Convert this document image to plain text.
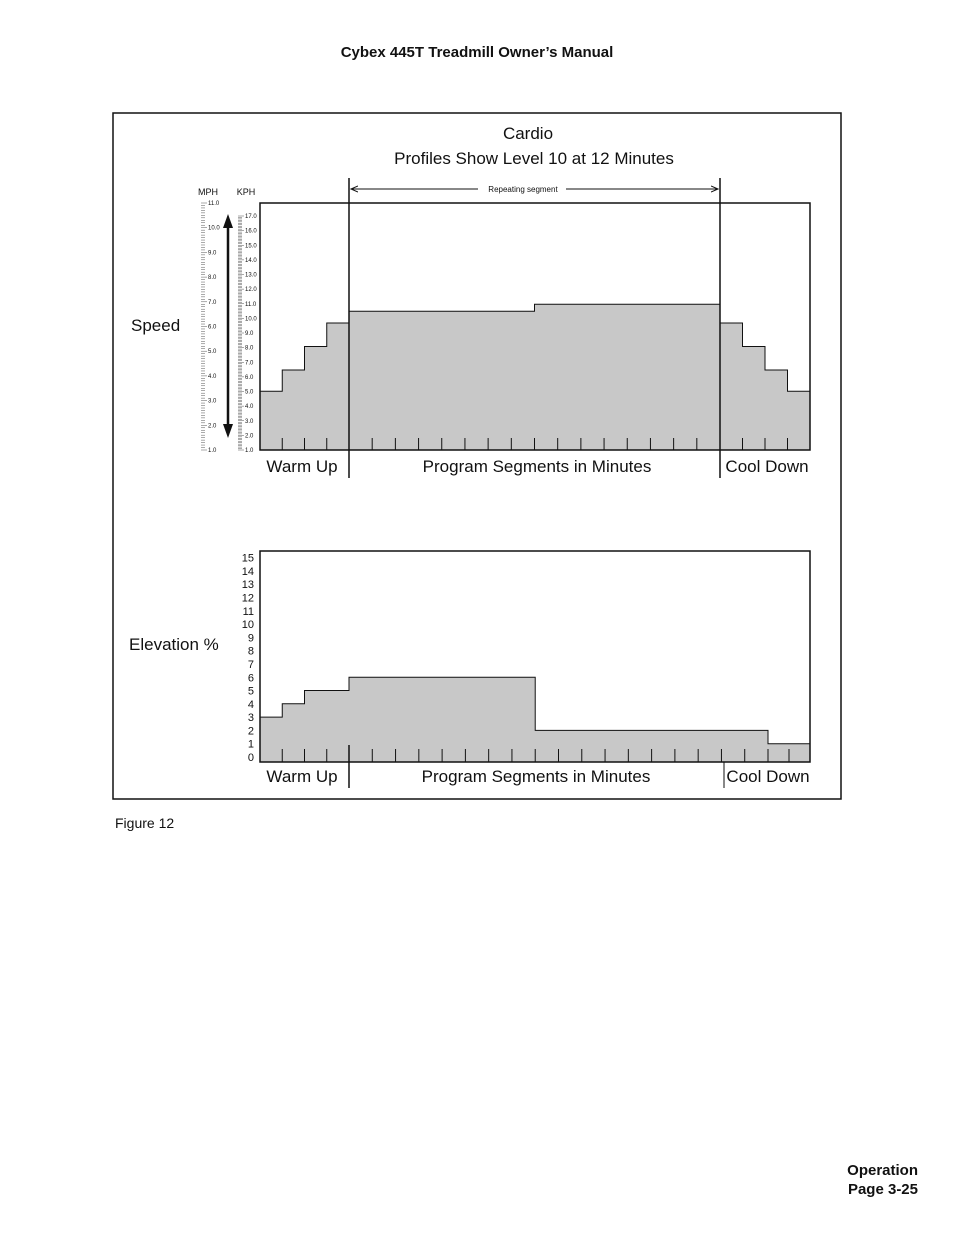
Cybex 445T Treadmill Owner’s Manual
Cardio
Profiles Show Level 10 at 12 Minutes
Repeating segment
Speed
MPH KPH
11.0
10.0
9.0
8.0
7.0
6.0
5.0
4.0
3.0
2.0
1.0
17.0
16.0
15.0
14.0
13.0
12.0
11.0
10.0
9.0
8.0
7.0
6.0
5.0
4.0
3.0
2.0
1.0
Warm Up	Program Segments in Minutes	Cool Down
Elevation %
15
14
13
12
11
10
9
8
7
6
5
4
3
2
1
0
Warm Up	Program Segments in Minutes	Cool Down
Figure 12
Operation
Page 3-25
